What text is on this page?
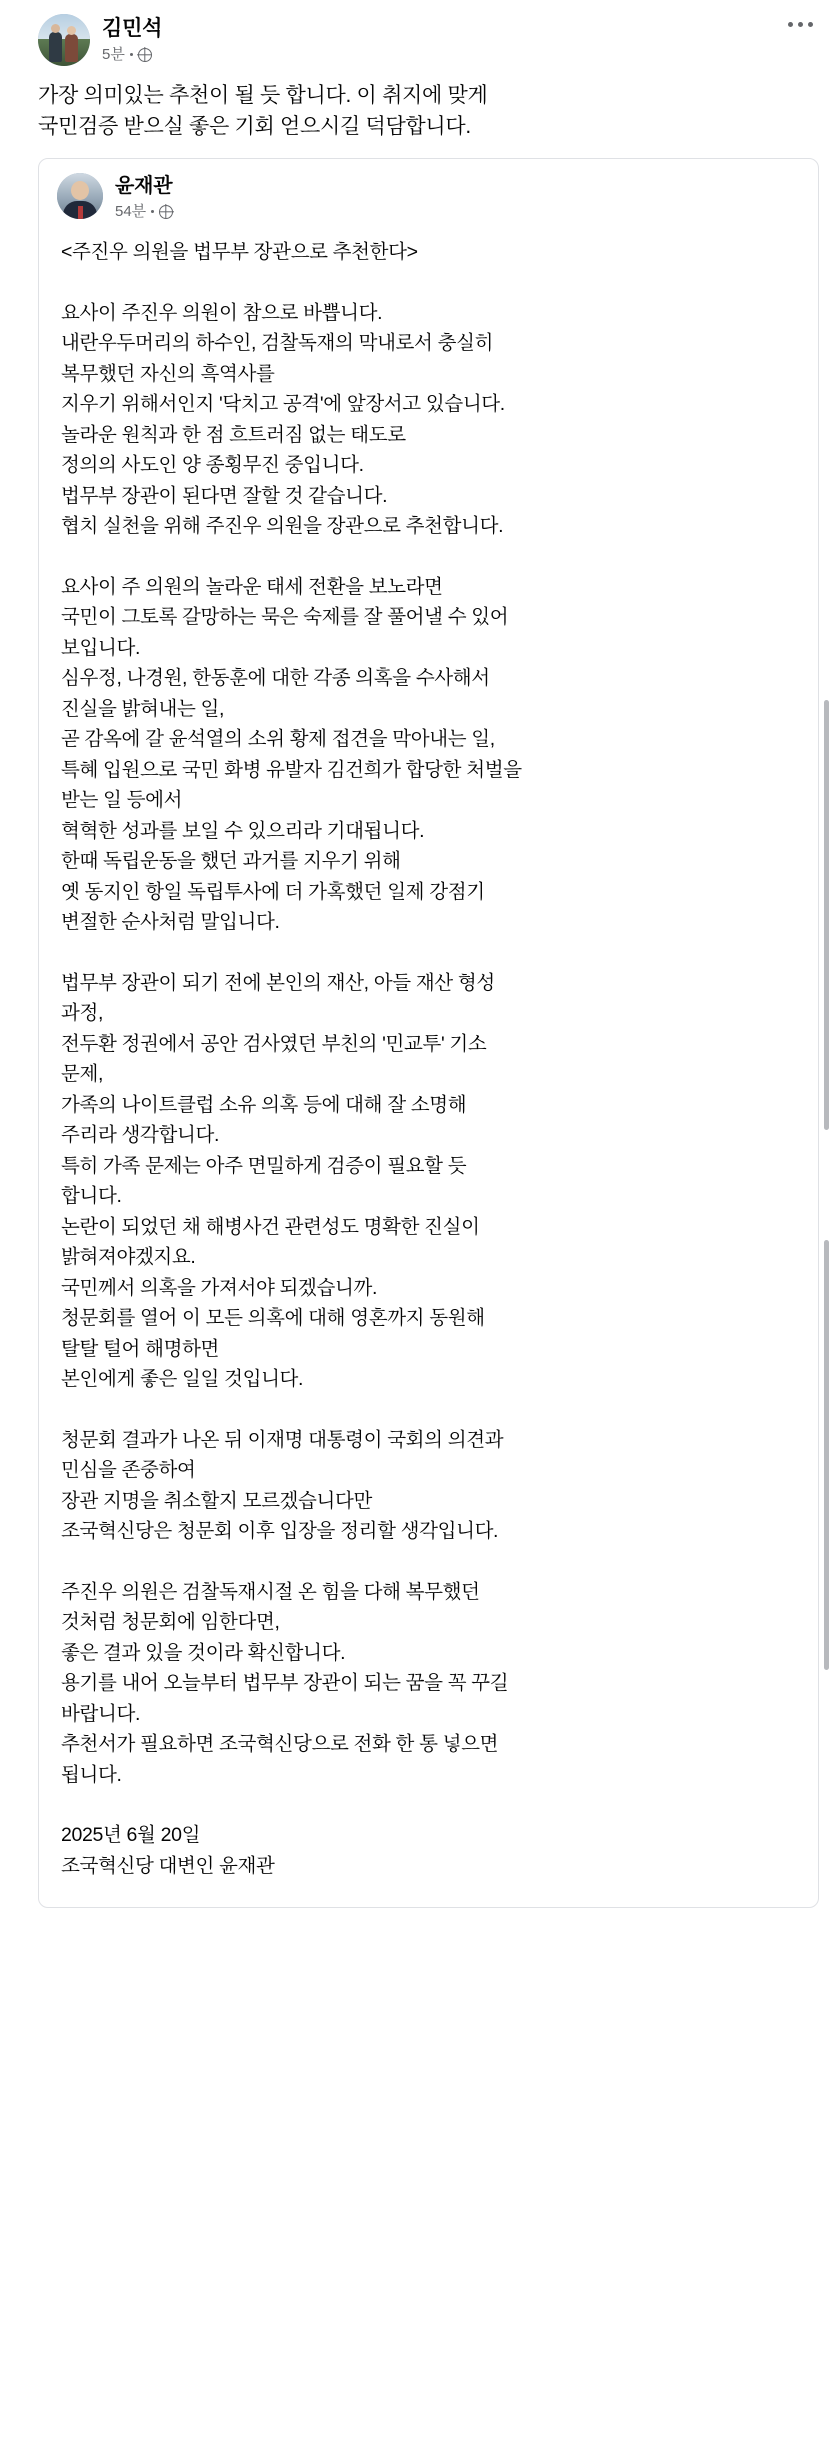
김민석
5분
가장 의미있는 추천이 될 듯 합니다. 이 취지에 맞게
국민검증 받으실 좋은 기회 얻으시길 덕담합니다.
윤재관
54분
<주진우 의원을 법무부 장관으로 추천한다>
요사이 주진우 의원이 참으로 바쁩니다.
내란우두머리의 하수인, 검찰독재의 막내로서 충실히
복무했던 자신의 흑역사를
지우기 위해서인지 '닥치고 공격'에 앞장서고 있습니다.
놀라운 원칙과 한 점 흐트러짐 없는 태도로
정의의 사도인 양 종횡무진 중입니다.
법무부 장관이 된다면 잘할 것 같습니다.
협치 실천을 위해 주진우 의원을 장관으로 추천합니다.
요사이 주 의원의 놀라운 태세 전환을 보노라면
국민이 그토록 갈망하는 묵은 숙제를 잘 풀어낼 수 있어
보입니다.
심우정, 나경원, 한동훈에 대한 각종 의혹을 수사해서
진실을 밝혀내는 일,
곧 감옥에 갈 윤석열의 소위 황제 접견을 막아내는 일,
특혜 입원으로 국민 화병 유발자 김건희가 합당한 처벌을
받는 일 등에서
혁혁한 성과를 보일 수 있으리라 기대됩니다.
한때 독립운동을 했던 과거를 지우기 위해
옛 동지인 항일 독립투사에 더 가혹했던 일제 강점기
변절한 순사처럼 말입니다.
법무부 장관이 되기 전에 본인의 재산, 아들 재산 형성
과정,
전두환 정권에서 공안 검사였던 부친의 '민교투' 기소
문제,
가족의 나이트클럽 소유 의혹 등에 대해 잘 소명해
주리라 생각합니다.
특히 가족 문제는 아주 면밀하게 검증이 필요할 듯
합니다.
논란이 되었던 채 해병사건 관련성도 명확한 진실이
밝혀져야겠지요.
국민께서 의혹을 가져서야 되겠습니까.
청문회를 열어 이 모든 의혹에 대해 영혼까지 동원해
탈탈 털어 해명하면
본인에게 좋은 일일 것입니다.
청문회 결과가 나온 뒤 이재명 대통령이 국회의 의견과
민심을 존중하여
장관 지명을 취소할지 모르겠습니다만
조국혁신당은 청문회 이후 입장을 정리할 생각입니다.
주진우 의원은 검찰독재시절 온 힘을 다해 복무했던
것처럼 청문회에 임한다면,
좋은 결과 있을 것이라 확신합니다.
용기를 내어 오늘부터 법무부 장관이 되는 꿈을 꼭 꾸길
바랍니다.
추천서가 필요하면 조국혁신당으로 전화 한 통 넣으면
됩니다.
2025년 6월 20일
조국혁신당 대변인 윤재관
